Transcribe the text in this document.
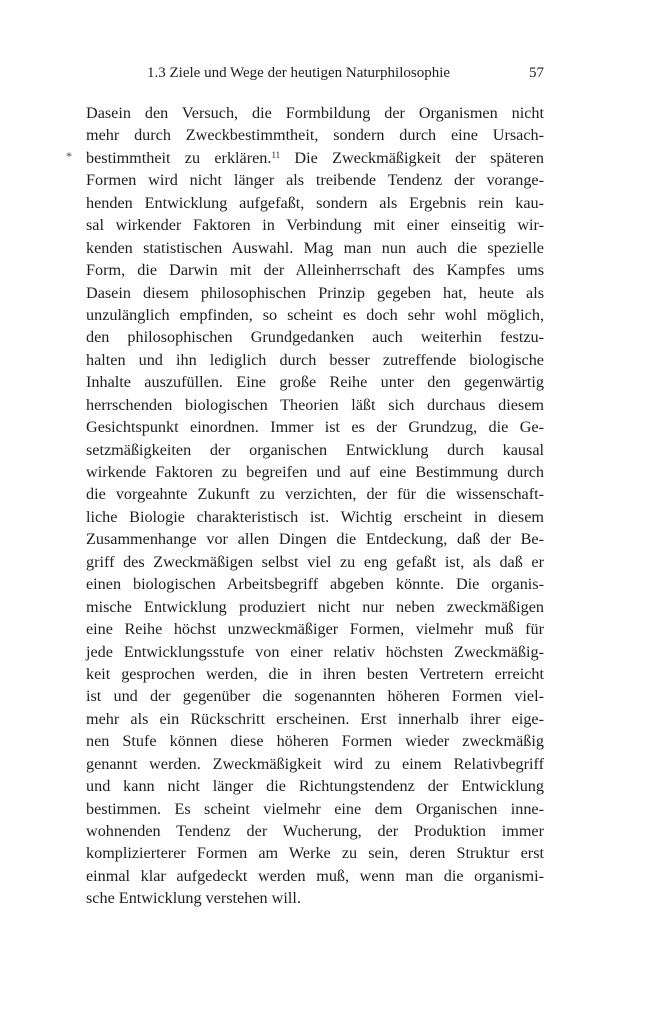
1.3 Ziele und Wege der heutigen Naturphilosophie	57
*
Dasein den Versuch, die Formbildung der Organismen nicht
mehr durch Zweckbestimmtheit, sondern durch eine Ursach-
bestimmtheit zu erklären.$^{11}$ Die Zweckmäßigkeit der späteren
Formen wird nicht länger als treibende Tendenz der vorange-
henden Entwicklung aufgefaßt, sondern als Ergebnis rein kau-
sal wirkender Faktoren in Verbindung mit einer einseitig wir-
kenden statistischen Auswahl. Mag man nun auch die spezielle
Form, die Darwin mit der Alleinherrschaft des Kampfes ums
Dasein diesem philosophischen Prinzip gegeben hat, heute als
unzulänglich empfinden, so scheint es doch sehr wohl möglich,
den philosophischen Grundgedanken auch weiterhin festzu-
halten und ihn lediglich durch besser zutreffende biologische
Inhalte auszufüllen. Eine große Reihe unter den gegenwärtig
herrschenden biologischen Theorien läßt sich durchaus diesem
Gesichtspunkt einordnen. Immer ist es der Grundzug, die Ge-
setzmäßigkeiten der organischen Entwicklung durch kausal
wirkende Faktoren zu begreifen und auf eine Bestimmung durch
die vorgeahnte Zukunft zu verzichten, der für die wissenschaft-
liche Biologie charakteristisch ist. Wichtig erscheint in diesem
Zusammenhange vor allen Dingen die Entdeckung, daß der Be-
griff des Zweckmäßigen selbst viel zu eng gefaßt ist, als daß er
einen biologischen Arbeitsbegriff abgeben könnte. Die organis-
mische Entwicklung produziert nicht nur neben zweckmäßigen
eine Reihe höchst unzweckmäßiger Formen, vielmehr muß für
jede Entwicklungsstufe von einer relativ höchsten Zweckmäßig-
keit gesprochen werden, die in ihren besten Vertretern erreicht
ist und der gegenüber die sogenannten höheren Formen viel-
mehr als ein Rückschritt erscheinen. Erst innerhalb ihrer eige-
nen Stufe können diese höheren Formen wieder zweckmäßig
genannt werden. Zweckmäßigkeit wird zu einem Relativbegriff
und kann nicht länger die Richtungstendenz der Entwicklung
bestimmen. Es scheint vielmehr eine dem Organischen inne-
wohnenden Tendenz der Wucherung, der Produktion immer
komplizierterer Formen am Werke zu sein, deren Struktur erst
einmal klar aufgedeckt werden muß, wenn man die organismi-
sche Entwicklung verstehen will.
